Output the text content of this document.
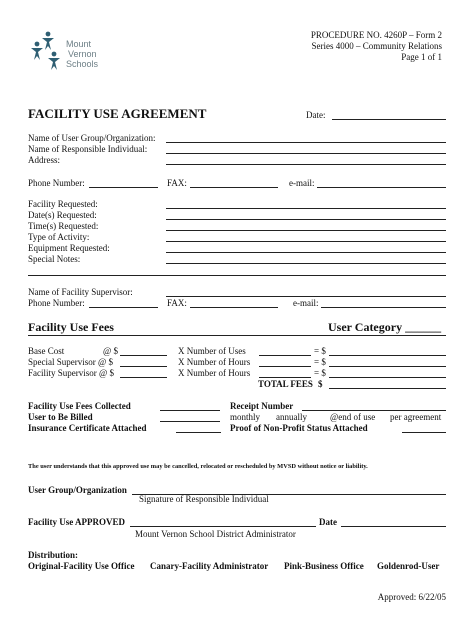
Mount
Vernon
Schools
PROCEDURE NO. 4260P – Form 2
Series 4000 – Community Relations
Page 1 of 1
FACILITY USE AGREEMENT	Date:
Name of User Group/Organization:
Name of Responsible Individual:
Address:
Phone Number:	FAX:	e-mail:
Facility Requested:
Date(s) Requested:
Time(s) Requested:
Type of Activity:
Equipment Requested:
Special Notes:
Name of Facility Supervisor:
Phone Number:	FAX:	e-mail:
Facility Use Fees	User Category ______
Base Cost	@ $	X Number of Uses	= $
Special Supervisor @ $	X Number of Hours	= $
Facility Supervisor @ $	X Number of Hours	= $
TOTAL FEES $
Facility Use Fees Collected	Receipt Number
User to Be Billed	monthly annually	@end of use per agreement
Insurance Certificate Attached	Proof of Non-Profit Status Attached
The user understands that this approved use may be cancelled, relocated or rescheduled by MVSD without notice or liability.
User Group/Organization
Signature of Responsible Individual
Facility Use APPROVED	Date
Mount Vernon School District Administrator
Distribution:
Original-Facility Use Office Canary-Facility Administrator Pink-Business Office Goldenrod-User
Approved: 6/22/05
